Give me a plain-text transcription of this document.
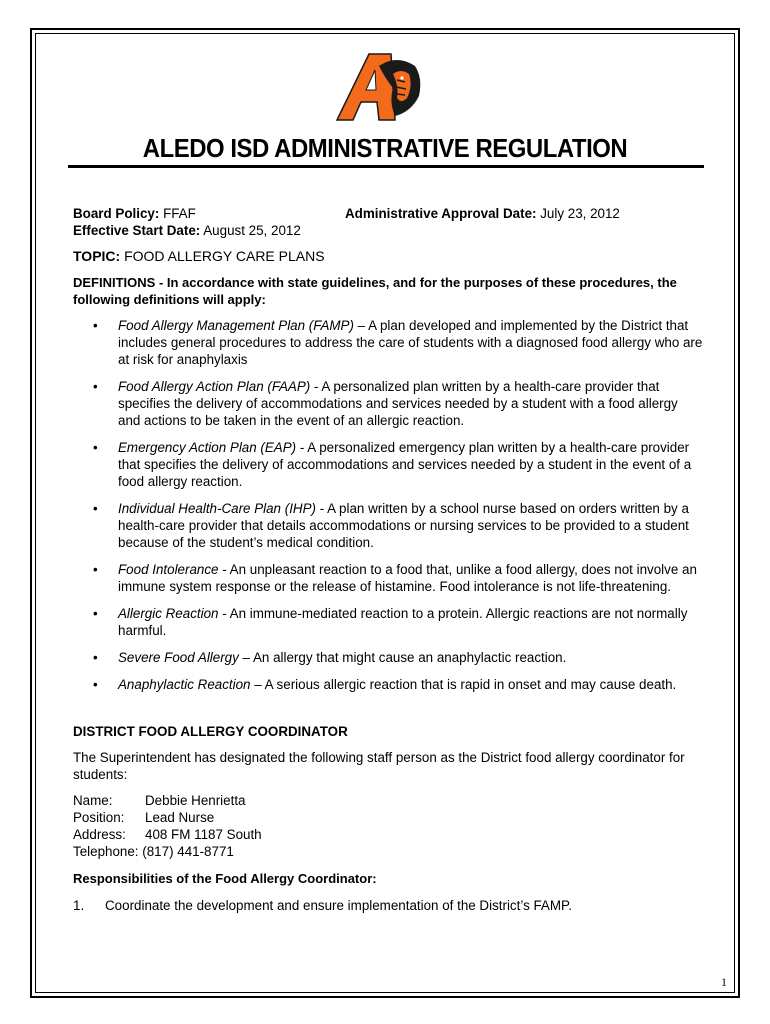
ALEDO ISD ADMINISTRATIVE REGULATION
Board Policy: FFAF	Administrative Approval Date: July 23, 2012
Effective Start Date: August 25, 2012
TOPIC: FOOD ALLERGY CARE PLANS
DEFINITIONS - In accordance with state guidelines, and for the purposes of these procedures, the following definitions will apply:
• Food Allergy Management Plan (FAMP) – A plan developed and implemented by the District that includes general procedures to address the care of students with a diagnosed food allergy who are at risk for anaphylaxis
• Food Allergy Action Plan (FAAP) - A personalized plan written by a health-care provider that specifies the delivery of accommodations and services needed by a student with a food allergy and actions to be taken in the event of an allergic reaction.
• Emergency Action Plan (EAP) - A personalized emergency plan written by a health-care provider that specifies the delivery of accommodations and services needed by a student in the event of a food allergy reaction.
• Individual Health-Care Plan (IHP) - A plan written by a school nurse based on orders written by a health-care provider that details accommodations or nursing services to be provided to a student because of the student’s medical condition.
• Food Intolerance - An unpleasant reaction to a food that, unlike a food allergy, does not involve an immune system response or the release of histamine. Food intolerance is not life-threatening.
• Allergic Reaction - An immune-mediated reaction to a protein. Allergic reactions are not normally harmful.
• Severe Food Allergy – An allergy that might cause an anaphylactic reaction.
• Anaphylactic Reaction – A serious allergic reaction that is rapid in onset and may cause death.
DISTRICT FOOD ALLERGY COORDINATOR
The Superintendent has designated the following staff person as the District food allergy coordinator for students:
Name:	Debbie Henrietta
Position:	Lead Nurse
Address:	408 FM 1187 South
Telephone: (817) 441-8771
Responsibilities of the Food Allergy Coordinator:
1.	Coordinate the development and ensure implementation of the District’s FAMP.
1
